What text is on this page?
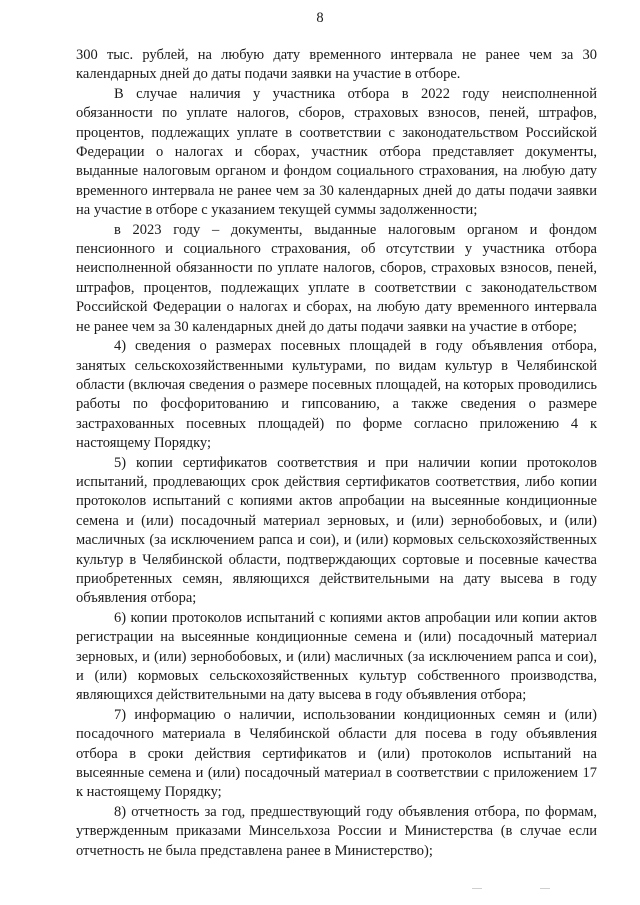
8

300 тыс. рублей, на любую дату временного интервала не ранее чем за 30 календарных дней до даты подачи заявки на участие в отборе.

В случае наличия у участника отбора в 2022 году неисполненной обязанности по уплате налогов, сборов, страховых взносов, пеней, штрафов, процентов, подлежащих уплате в соответствии с законодательством Российской Федерации о налогах и сборах, участник отбора представляет документы, выданные налоговым органом и фондом социального страхования, на любую дату временного интервала не ранее чем за 30 календарных дней до даты подачи заявки на участие в отборе с указанием текущей суммы задолженности;

в 2023 году – документы, выданные налоговым органом и фондом пенсионного и социального страхования, об отсутствии у участника отбора неисполненной обязанности по уплате налогов, сборов, страховых взносов, пеней, штрафов, процентов, подлежащих уплате в соответствии с законодательством Российской Федерации о налогах и сборах, на любую дату временного интервала не ранее чем за 30 календарных дней до даты подачи заявки на участие в отборе;

4) сведения о размерах посевных площадей в году объявления отбора, занятых сельскохозяйственными культурами, по видам культур в Челябинской области (включая сведения о размере посевных площадей, на которых проводились работы по фосфоритованию и гипсованию, а также сведения о размере застрахованных посевных площадей) по форме согласно приложению 4 к настоящему Порядку;

5) копии сертификатов соответствия и при наличии копии протоколов испытаний, продлевающих срок действия сертификатов соответствия, либо копии протоколов испытаний с копиями актов апробации на высеянные кондиционные семена и (или) посадочный материал зерновых, и (или) зернобобовых, и (или) масличных (за исключением рапса и сои), и (или) кормовых сельскохозяйственных культур в Челябинской области, подтверждающих сортовые и посевные качества приобретенных семян, являющихся действительными на дату высева в году объявления отбора;

6) копии протоколов испытаний с копиями актов апробации или копии актов регистрации на высеянные кондиционные семена и (или) посадочный материал зерновых, и (или) зернобобовых, и (или) масличных (за исключением рапса и сои), и (или) кормовых сельскохозяйственных культур собственного производства, являющихся действительными на дату высева в году объявления отбора;

7) информацию о наличии, использовании кондиционных семян и (или) посадочного материала в Челябинской области для посева в году объявления отбора в сроки действия сертификатов и (или) протоколов испытаний на высеянные семена и (или) посадочный материал в соответствии с приложением 17 к настоящему Порядку;

8) отчетность за год, предшествующий году объявления отбора, по формам, утвержденным приказами Минсельхоза России и Министерства (в случае если отчетность не была представлена ранее в Министерство);
